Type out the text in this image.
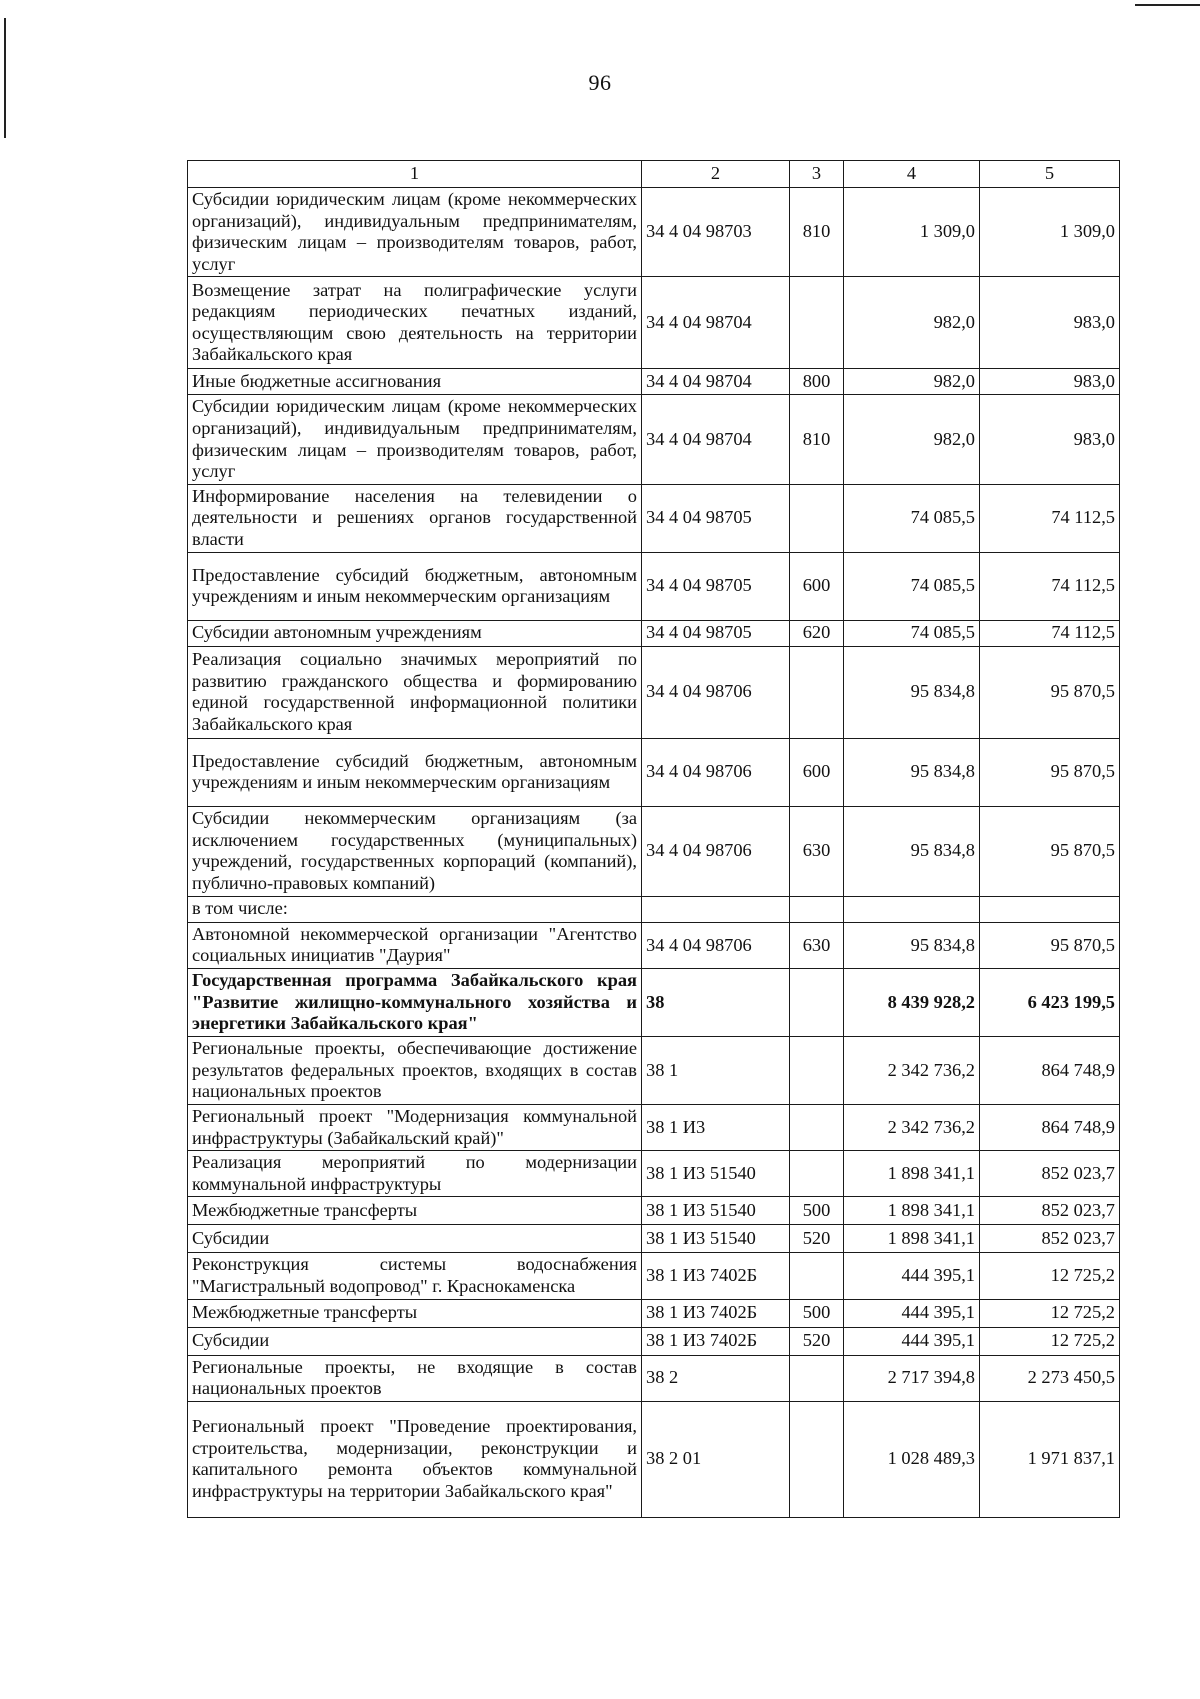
96
1	2	3	4	5
Субсидии юридическим лицам (кроме некоммерческих организаций), индивидуальным предпринимателям, физическим лицам – производителям товаров, работ, услуг	34 4 04 98703	810	1 309,0	1 309,0
Возмещение затрат на полиграфические услуги редакциям периодических печатных изданий, осуществляющим свою деятельность на территории Забайкальского края	34 4 04 98704		982,0	983,0
Иные бюджетные ассигнования	34 4 04 98704	800	982,0	983,0
Субсидии юридическим лицам (кроме некоммерческих организаций), индивидуальным предпринимателям, физическим лицам – производителям товаров, работ, услуг	34 4 04 98704	810	982,0	983,0
Информирование населения на телевидении о деятельности и решениях органов государственной власти	34 4 04 98705		74 085,5	74 112,5
Предоставление субсидий бюджетным, автономным учреждениям и иным некоммерческим организациям	34 4 04 98705	600	74 085,5	74 112,5
Субсидии автономным учреждениям	34 4 04 98705	620	74 085,5	74 112,5
Реализация социально значимых мероприятий по развитию гражданского общества и формированию единой государственной информационной политики Забайкальского края	34 4 04 98706		95 834,8	95 870,5
Предоставление субсидий бюджетным, автономным учреждениям и иным некоммерческим организациям	34 4 04 98706	600	95 834,8	95 870,5
Субсидии некоммерческим организациям (за исключением государственных (муниципальных) учреждений, государственных корпораций (компаний), публично-правовых компаний)	34 4 04 98706	630	95 834,8	95 870,5
в том числе:				
Автономной некоммерческой организации "Агентство социальных инициатив "Даурия"	34 4 04 98706	630	95 834,8	95 870,5
Государственная программа Забайкальского края "Развитие жилищно-коммунального хозяйства и энергетики Забайкальского края"	38		8 439 928,2	6 423 199,5
Региональные проекты, обеспечивающие достижение результатов федеральных проектов, входящих в состав национальных проектов	38 1		2 342 736,2	864 748,9
Региональный проект "Модернизация коммунальной инфраструктуры (Забайкальский край)"	38 1 И3		2 342 736,2	864 748,9
Реализация мероприятий по модернизации коммунальной инфраструктуры	38 1 И3 51540		1 898 341,1	852 023,7
Межбюджетные трансферты	38 1 И3 51540	500	1 898 341,1	852 023,7
Субсидии	38 1 И3 51540	520	1 898 341,1	852 023,7
Реконструкция системы водоснабжения "Магистральный водопровод" г. Краснокаменска	38 1 И3 7402Б		444 395,1	12 725,2
Межбюджетные трансферты	38 1 И3 7402Б	500	444 395,1	12 725,2
Субсидии	38 1 И3 7402Б	520	444 395,1	12 725,2
Региональные проекты, не входящие в состав национальных проектов	38 2		2 717 394,8	2 273 450,5
Региональный проект "Проведение проектирования, строительства, модернизации, реконструкции и капитального ремонта объектов коммунальной инфраструктуры на территории Забайкальского края"	38 2 01		1 028 489,3	1 971 837,1
